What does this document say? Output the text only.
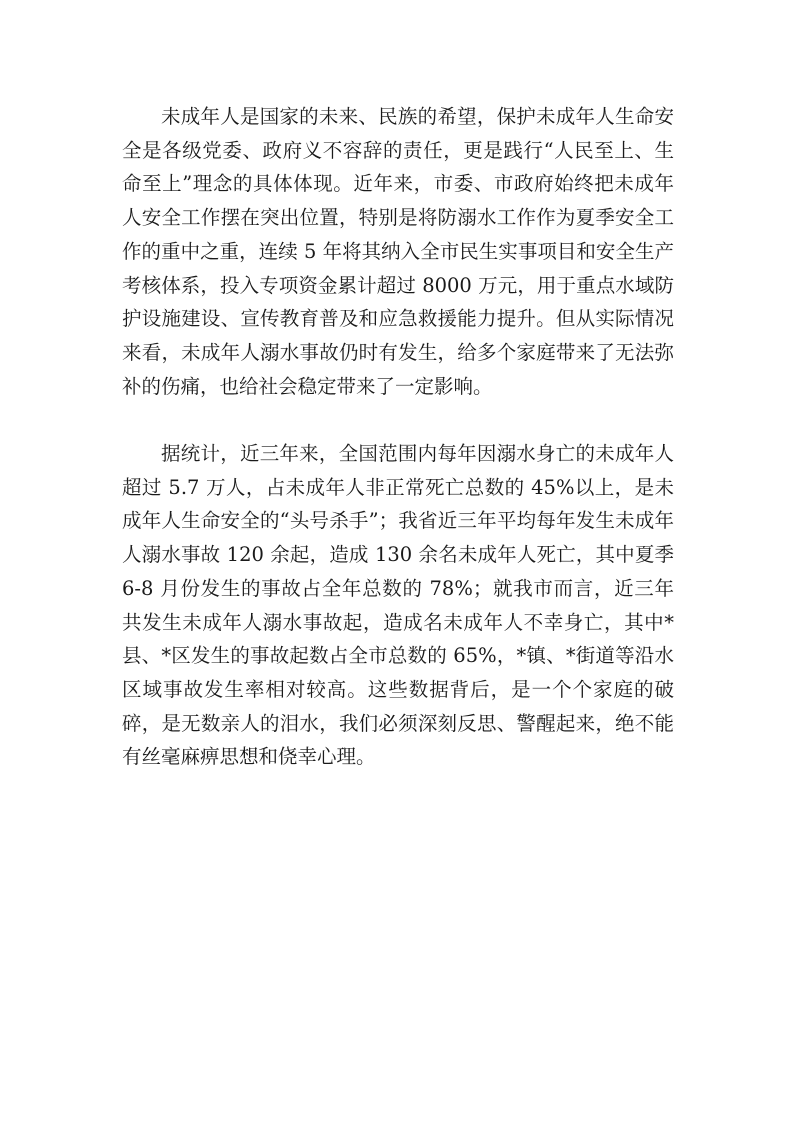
未成年人是国家的未来、民族的希望，保护未成年人生命安全是各级党委、政府义不容辞的责任，更是践行“人民至上、生命至上”理念的具体体现。近年来，市委、市政府始终把未成年人安全工作摆在突出位置，特别是将防溺水工作作为夏季安全工作的重中之重，连续 5 年将其纳入全市民生实事项目和安全生产考核体系，投入专项资金累计超过 8000 万元，用于重点水域防护设施建设、宣传教育普及和应急救援能力提升。但从实际情况来看，未成年人溺水事故仍时有发生，给多个家庭带来了无法弥补的伤痛，也给社会稳定带来了一定影响。

据统计，近三年来，全国范围内每年因溺水身亡的未成年人超过 5.7 万人，占未成年人非正常死亡总数的 45%以上，是未成年人生命安全的“头号杀手”；我省近三年平均每年发生未成年人溺水事故 120 余起，造成 130 余名未成年人死亡，其中夏季 6-8 月份发生的事故占全年总数的 78%；就我市而言，近三年共发生未成年人溺水事故起，造成名未成年人不幸身亡，其中*县、*区发生的事故起数占全市总数的 65%，*镇、*街道等沿水区域事故发生率相对较高。这些数据背后，是一个个家庭的破碎，是无数亲人的泪水，我们必须深刻反思、警醒起来，绝不能有丝毫麻痹思想和侥幸心理。
